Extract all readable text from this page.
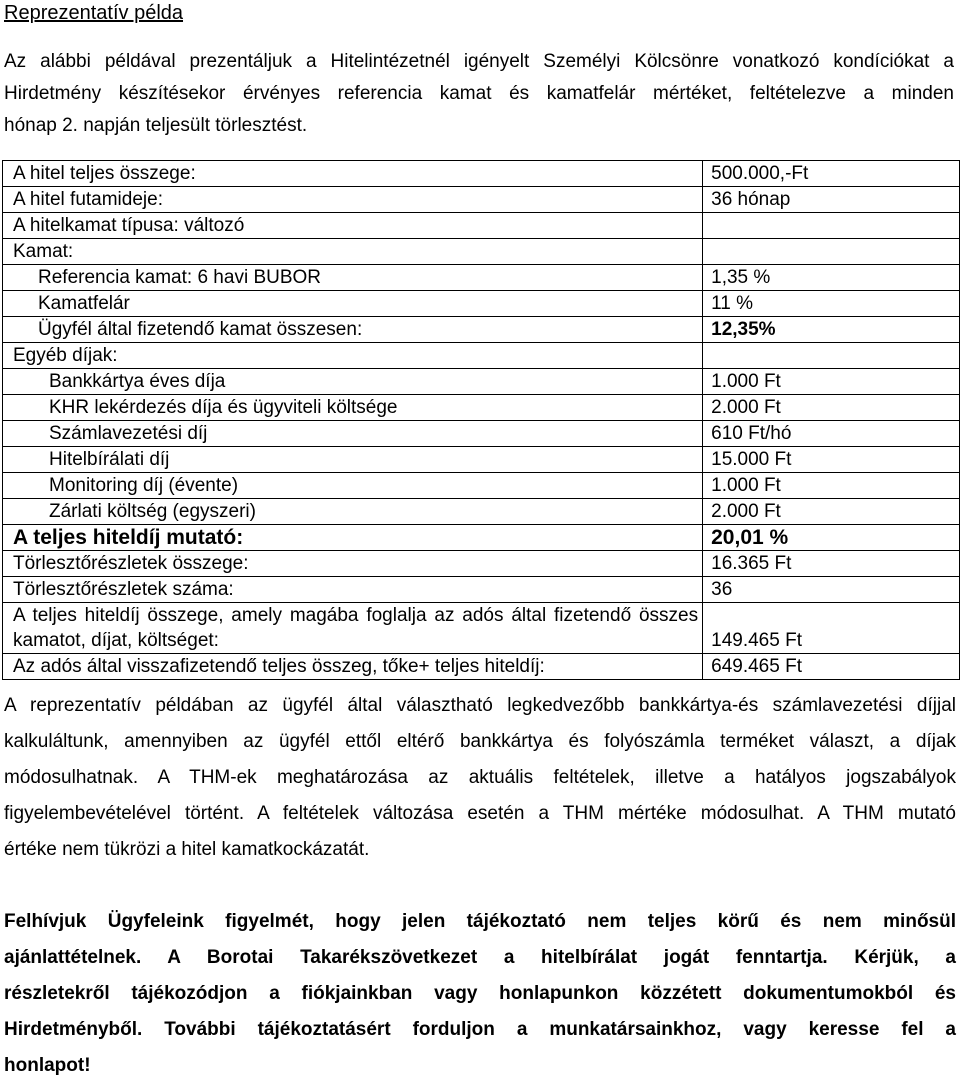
Reprezentatív példa
Az alábbi példával prezentáljuk a Hitelintézetnél igényelt Személyi Kölcsönre vonatkozó kondíciókat a
Hirdetmény készítésekor érvényes referencia kamat és kamatfelár mértéket, feltételezve a minden
hónap 2. napján teljesült törlesztést.
A hitel teljes összege:	500.000,-Ft
A hitel futamideje:	36 hónap
A hitelkamat típusa: változó	
Kamat:	
Referencia kamat: 6 havi BUBOR	1,35 %
Kamatfelár	11 %
Ügyfél által fizetendő kamat összesen:	12,35%
Egyéb díjak:	
Bankkártya éves díja	1.000 Ft
KHR lekérdezés díja és ügyviteli költsége	2.000 Ft
Számlavezetési díj	610 Ft/hó
Hitelbírálati díj	15.000 Ft
Monitoring díj (évente)	1.000 Ft
Zárlati költség (egyszeri)	2.000 Ft
A teljes hiteldíj mutató:	20,01 %
Törlesztőrészletek összege:	16.365 Ft
Törlesztőrészletek száma:	36

A teljes hiteldíj összege, amely magába foglalja az adós által fizetendő összes kamatot, díjat, költséget:	149.465 Ft
Az adós által visszafizetendő teljes összeg, tőke+ teljes hiteldíj:	649.465 Ft
A reprezentatív példában az ügyfél által választható legkedvezőbb bankkártya-és számlavezetési díjjal
kalkuláltunk, amennyiben az ügyfél ettől eltérő bankkártya és folyószámla terméket választ, a díjak
módosulhatnak. A THM-ek meghatározása az aktuális feltételek, illetve a hatályos jogszabályok
figyelembevételével történt. A feltételek változása esetén a THM mértéke módosulhat. A THM mutató
értéke nem tükrözi a hitel kamatkockázatát.
Felhívjuk Ügyfeleink figyelmét, hogy jelen tájékoztató nem teljes körű és nem minősül
ajánlattételnek. A Borotai Takarékszövetkezet a hitelbírálat jogát fenntartja. Kérjük, a
részletekről tájékozódjon a fiókjainkban vagy honlapunkon közzétett dokumentumokból és
Hirdetményből. További tájékoztatásért forduljon a munkatársainkhoz, vagy keresse fel a
honlapot!
